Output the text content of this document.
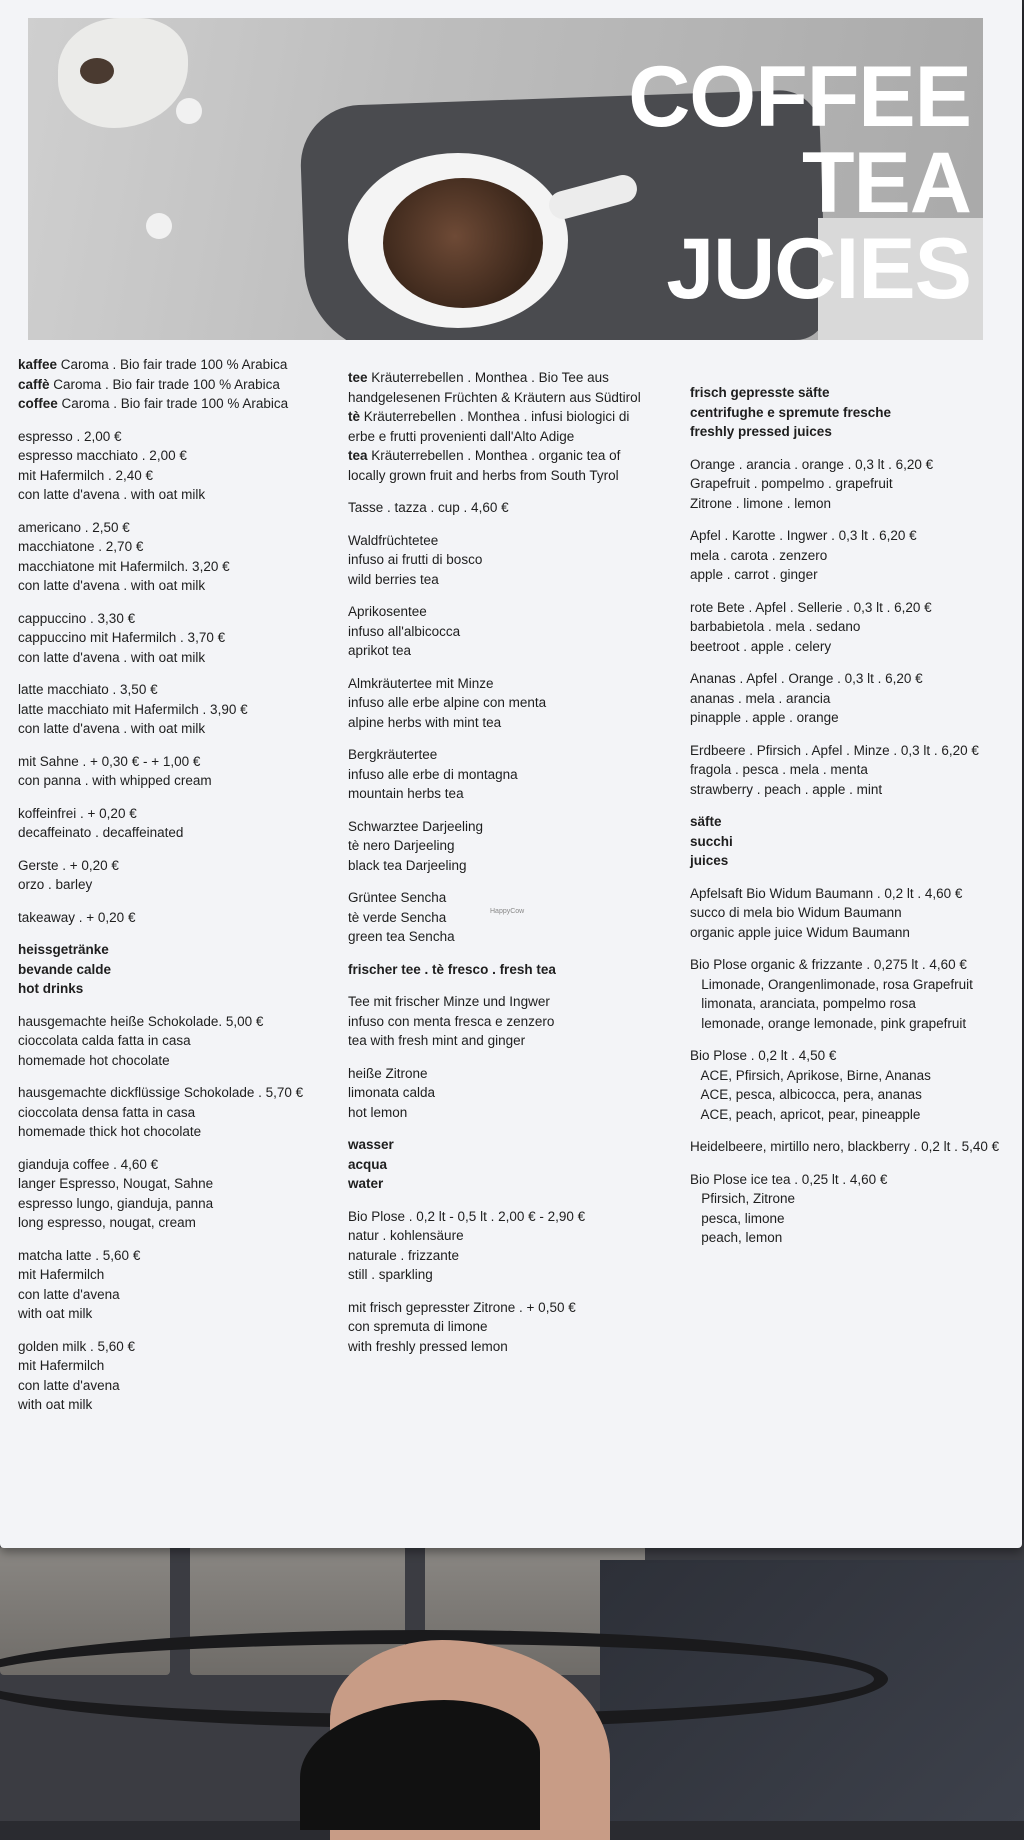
COFFEE
TEA
JUCIES
kaffee Caroma . Bio fair trade 100 % Arabica
caffè Caroma . Bio fair trade 100 % Arabica
coffee Caroma . Bio fair trade 100 % Arabica
espresso . 2,00 €
espresso macchiato . 2,00 €
mit Hafermilch . 2,40 €
con latte d'avena . with oat milk
americano . 2,50 €
macchiatone . 2,70 €
macchiatone mit Hafermilch. 3,20 €
con latte d'avena . with oat milk
cappuccino . 3,30 €
cappuccino mit Hafermilch . 3,70 €
con latte d'avena . with oat milk
latte macchiato . 3,50 €
latte macchiato mit Hafermilch . 3,90 €
con latte d'avena . with oat milk
mit Sahne . + 0,30 € - + 1,00 €
con panna . with whipped cream
koffeinfrei . + 0,20 €
decaffeinato . decaffeinated
Gerste . + 0,20 €
orzo . barley
takeaway . + 0,20 €
heissgetränke
bevande calde
hot drinks
hausgemachte heiße Schokolade. 5,00 €
cioccolata calda fatta in casa
homemade hot chocolate
hausgemachte dickflüssige Schokolade . 5,70 €
cioccolata densa fatta in casa
homemade thick hot chocolate
gianduja coffee . 4,60 €
langer Espresso, Nougat, Sahne
espresso lungo, gianduja, panna
long espresso, nougat, cream
matcha latte . 5,60 €
mit Hafermilch
con latte d'avena
with oat milk
golden milk . 5,60 €
mit Hafermilch
con latte d'avena
with oat milk
tee Kräuterrebellen . Monthea . Bio Tee aus
handgelesenen Früchten & Kräutern aus Südtirol
tè Kräuterrebellen . Monthea . infusi biologici di
erbe e frutti provenienti dall'Alto Adige
tea Kräuterrebellen . Monthea . organic tea of
locally grown fruit and herbs from South Tyrol
Tasse . tazza . cup . 4,60 €
Waldfrüchtetee
infuso ai frutti di bosco
wild berries tea
Aprikosentee
infuso all'albicocca
aprikot tea
Almkräutertee mit Minze
infuso alle erbe alpine con menta
alpine herbs with mint tea
Bergkräutertee
infuso alle erbe di montagna
mountain herbs tea
Schwarztee Darjeeling
tè nero Darjeeling
black tea Darjeeling
Grüntee Sencha
tè verde Sencha
green tea Sencha
frischer tee . tè fresco . fresh tea
Tee mit frischer Minze und Ingwer
infuso con menta fresca e zenzero
tea with fresh mint and ginger
heiße Zitrone
limonata calda
hot lemon
wasser
acqua
water
Bio Plose . 0,2 lt - 0,5 lt . 2,00 € - 2,90 €
natur . kohlensäure
naturale . frizzante
still . sparkling
mit frisch gepresster Zitrone . + 0,50 €
con spremuta di limone
with freshly pressed lemon
frisch gepresste säfte
centrifughe e spremute fresche
freshly pressed juices
Orange . arancia . orange . 0,3 lt . 6,20 €
Grapefruit . pompelmo . grapefruit
Zitrone . limone . lemon
Apfel . Karotte . Ingwer . 0,3 lt . 6,20 €
mela . carota . zenzero
apple . carrot . ginger
rote Bete . Apfel . Sellerie . 0,3 lt . 6,20 €
barbabietola . mela . sedano
beetroot . apple . celery
Ananas . Apfel . Orange . 0,3 lt . 6,20 €
ananas . mela . arancia
pinapple . apple . orange
Erdbeere . Pfirsich . Apfel . Minze . 0,3 lt . 6,20 €
fragola . pesca . mela . menta
strawberry . peach . apple . mint
säfte
succhi
juices
Apfelsaft Bio Widum Baumann . 0,2 lt . 4,60 €
succo di mela bio Widum Baumann
organic apple juice Widum Baumann
Bio Plose organic & frizzante . 0,275 lt . 4,60 €
Limonade, Orangenlimonade, rosa Grapefruit
limonata, aranciata, pompelmo rosa
lemonade, orange lemonade, pink grapefruit
Bio Plose . 0,2 lt . 4,50 €
ACE, Pfirsich, Aprikose, Birne, Ananas
ACE, pesca, albicocca, pera, ananas
ACE, peach, apricot, pear, pineapple
Heidelbeere, mirtillo nero, blackberry . 0,2 lt . 5,40 €
Bio Plose ice tea . 0,25 lt . 4,60 €
Pfirsich, Zitrone
pesca, limone
peach, lemon
HappyCow
